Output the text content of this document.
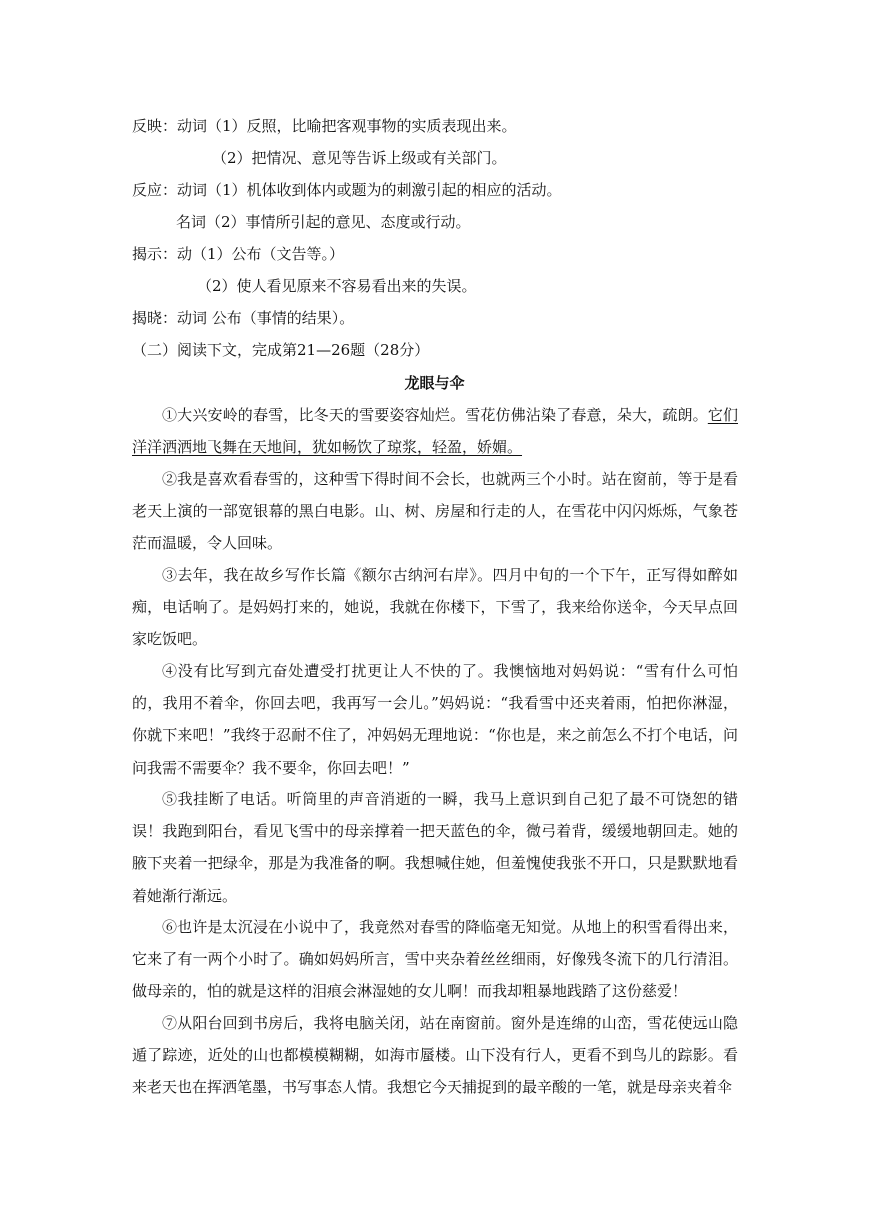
反映：动词（1）反照，比喻把客观事物的实质表现出来。
（2）把情况、意见等告诉上级或有关部门。
反应：动词（1）机体收到体内或题为的刺激引起的相应的活动。
名词（2）事情所引起的意见、态度或行动。
揭示：动（1）公布（文告等。）
（2）使人看见原来不容易看出来的失误。
揭晓：动词 公布（事情的结果）。
（二）阅读下文，完成第21—26题（28分）
龙眼与伞
①大兴安岭的春雪，比冬天的雪要姿容灿烂。雪花仿佛沾染了春意，朵大，疏朗。它们洋洋洒洒地飞舞在天地间，犹如畅饮了琼浆，轻盈，娇媚。
②我是喜欢看春雪的，这种雪下得时间不会长，也就两三个小时。站在窗前，等于是看老天上演的一部宽银幕的黑白电影。山、树、房屋和行走的人，在雪花中闪闪烁烁，气象苍茫而温暖，令人回味。
③去年，我在故乡写作长篇《额尔古纳河右岸》。四月中旬的一个下午，正写得如醉如痴，电话响了。是妈妈打来的，她说，我就在你楼下，下雪了，我来给你送伞，今天早点回家吃饭吧。
④没有比写到亢奋处遭受打扰更让人不快的了。我懊恼地对妈妈说：“雪有什么可怕的，我用不着伞，你回去吧，我再写一会儿。”妈妈说：“我看雪中还夹着雨，怕把你淋湿，你就下来吧！”我终于忍耐不住了，冲妈妈无理地说：“你也是，来之前怎么不打个电话，问问我需不需要伞？我不要伞，你回去吧！”
⑤我挂断了电话。听筒里的声音消逝的一瞬，我马上意识到自己犯了最不可饶恕的错误！我跑到阳台，看见飞雪中的母亲撑着一把天蓝色的伞，微弓着背，缓缓地朝回走。她的腋下夹着一把绿伞，那是为我准备的啊。我想喊住她，但羞愧使我张不开口，只是默默地看着她渐行渐远。
⑥也许是太沉浸在小说中了，我竟然对春雪的降临毫无知觉。从地上的积雪看得出来，它来了有一两个小时了。确如妈妈所言，雪中夹杂着丝丝细雨，好像残冬流下的几行清泪。做母亲的，怕的就是这样的泪痕会淋湿她的女儿啊！而我却粗暴地践踏了这份慈爱！
⑦从阳台回到书房后，我将电脑关闭，站在南窗前。窗外是连绵的山峦，雪花使远山隐遁了踪迹，近处的山也都模模糊糊，如海市蜃楼。山下没有行人，更看不到鸟儿的踪影。看来老天也在挥洒笔墨，书写事态人情。我想它今天捕捉到的最辛酸的一笔，就是母亲夹着伞
